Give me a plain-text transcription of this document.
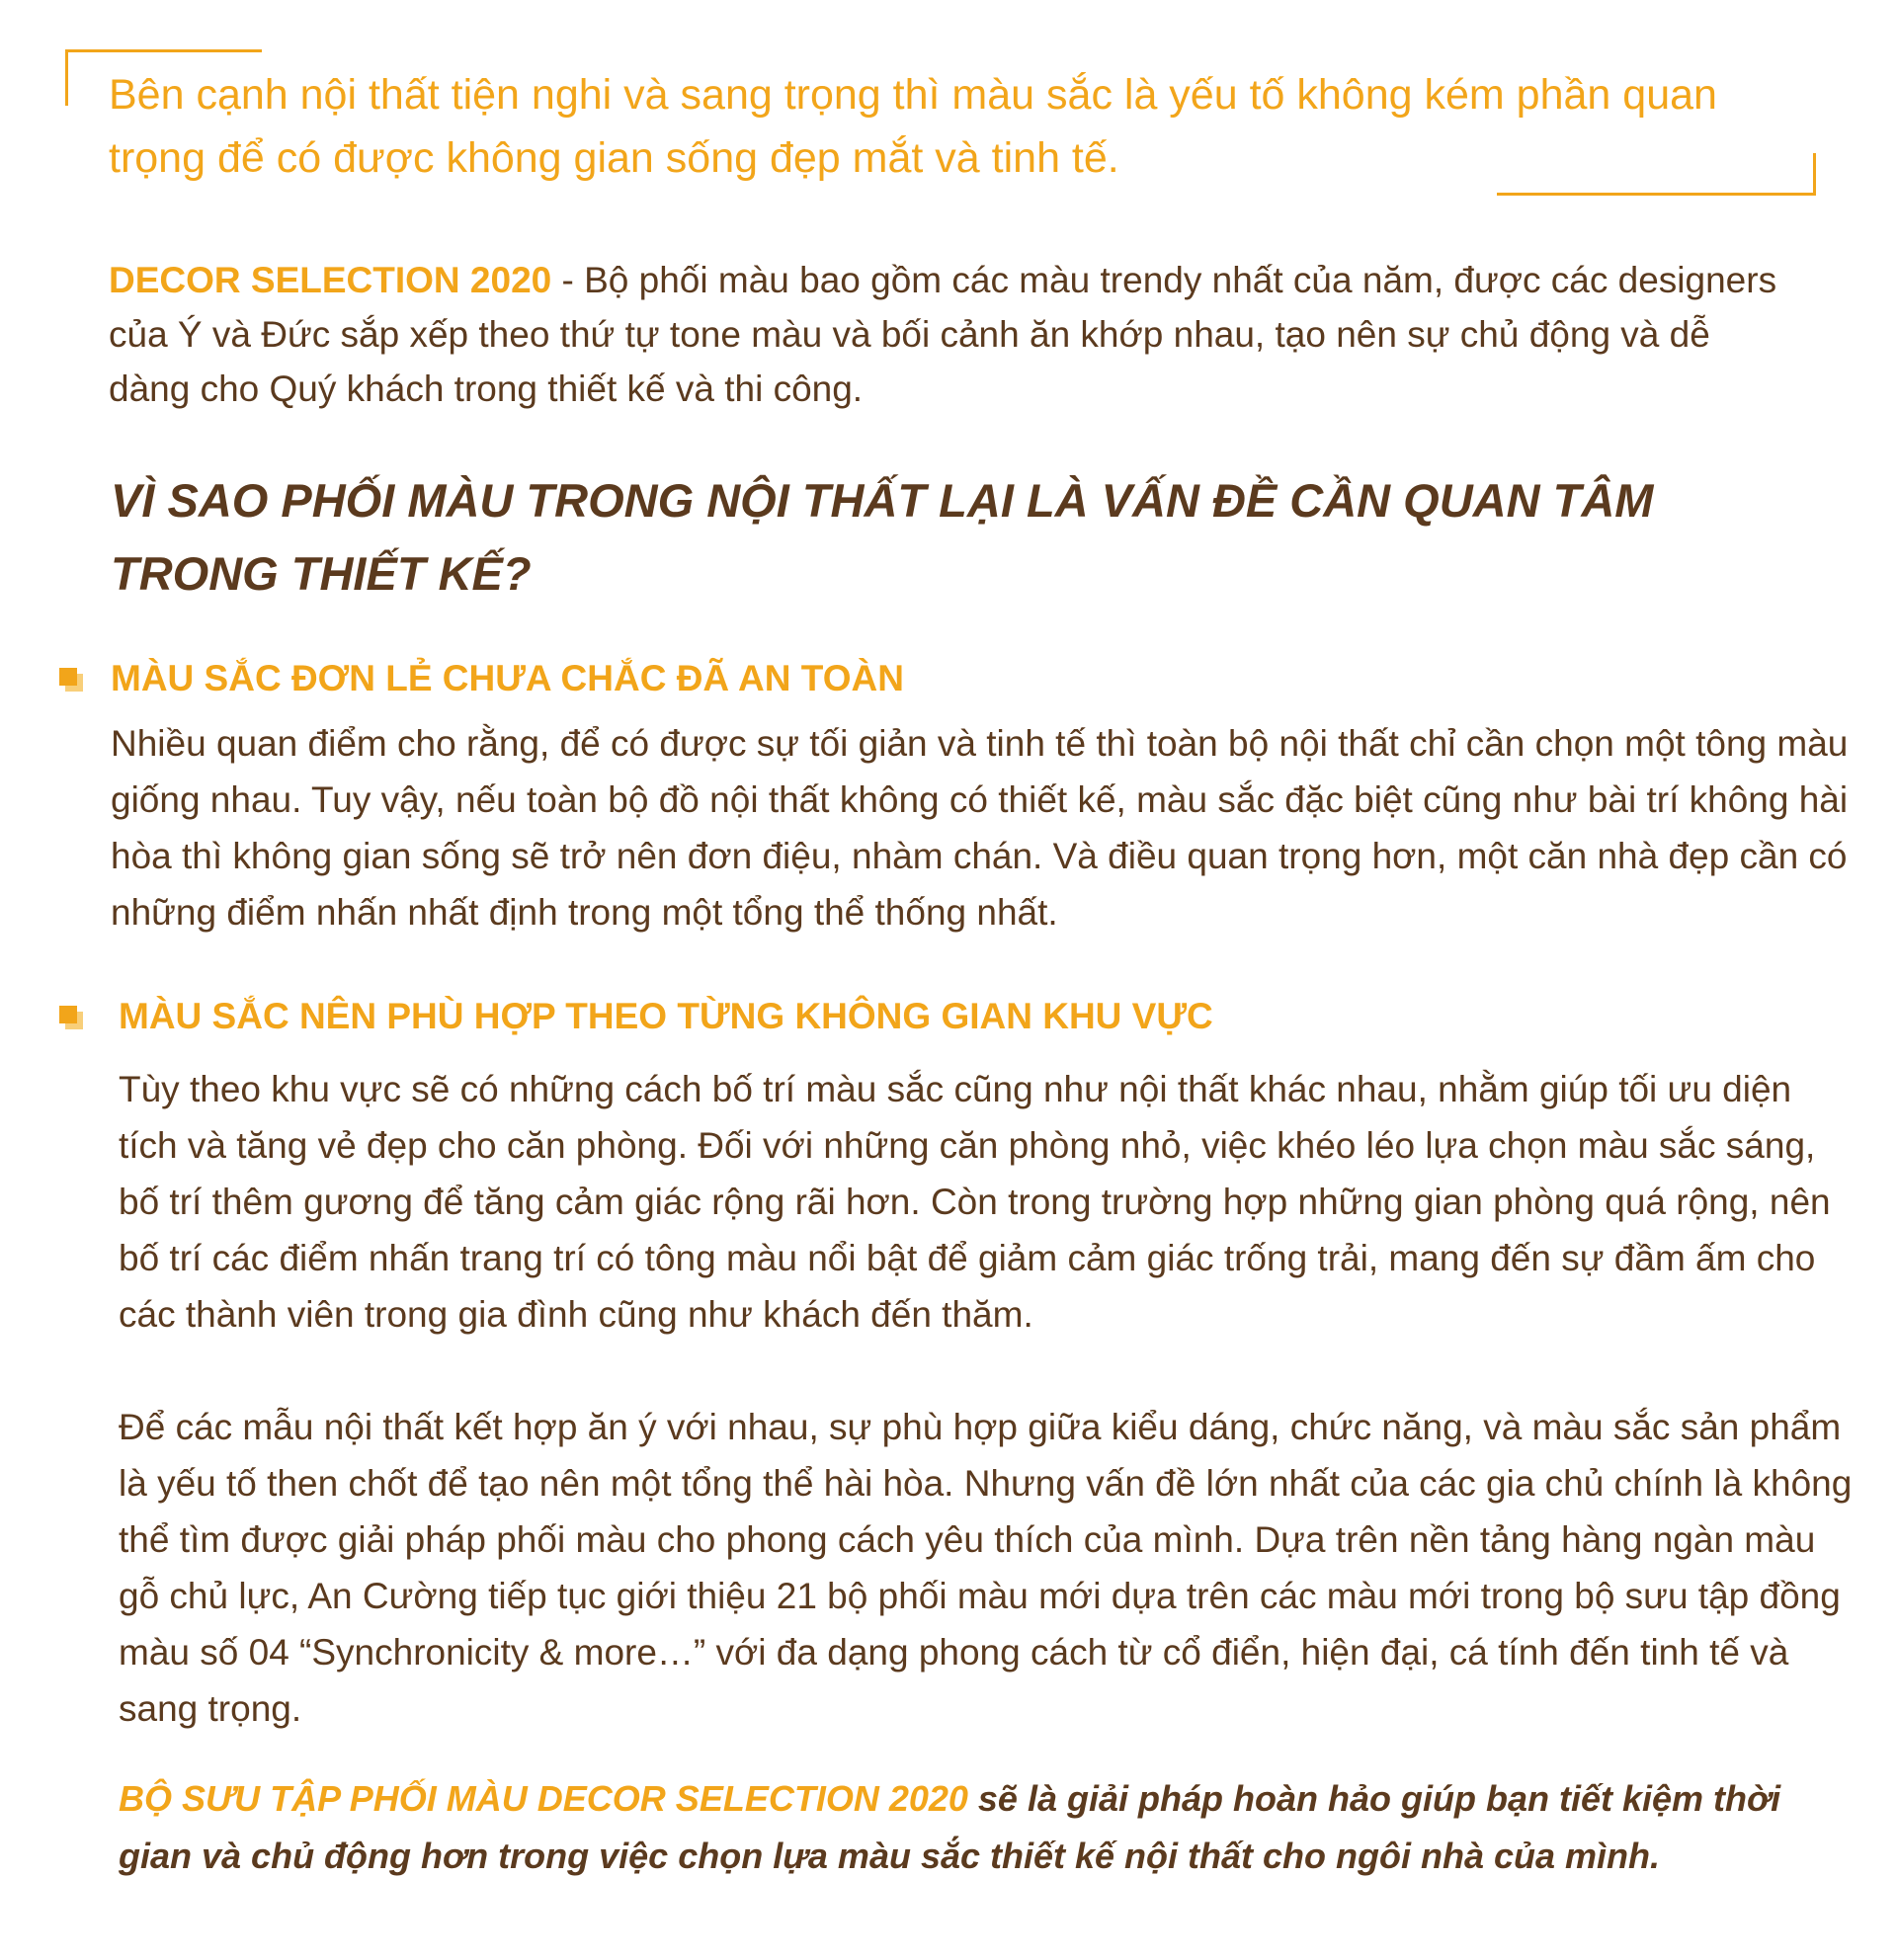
Bên cạnh nội thất tiện nghi và sang trọng thì màu sắc là yếu tố không kém phần quan trọng để có được không gian sống đẹp mắt và tinh tế.

DECOR SELECTION 2020 - Bộ phối màu bao gồm các màu trendy nhất của năm, được các designers của Ý và Đức sắp xếp theo thứ tự tone màu và bối cảnh ăn khớp nhau, tạo nên sự chủ động và dễ dàng cho Quý khách trong thiết kế và thi công.

VÌ SAO PHỐI MÀU TRONG NỘI THẤT LẠI LÀ VẤN ĐỀ CẦN QUAN TÂM TRONG THIẾT KẾ?
MÀU SẮC ĐƠN LẺ CHƯA CHẮC ĐÃ AN TOÀN

Nhiều quan điểm cho rằng, để có được sự tối giản và tinh tế thì toàn bộ nội thất chỉ cần chọn một tông màu giống nhau. Tuy vậy, nếu toàn bộ đồ nội thất không có thiết kế, màu sắc đặc biệt cũng như bài trí không hài hòa thì không gian sống sẽ trở nên đơn điệu, nhàm chán. Và điều quan trọng hơn, một căn nhà đẹp cần có những điểm nhấn nhất định trong một tổng thể thống nhất.

MÀU SẮC NÊN PHÙ HỢP THEO TỪNG KHÔNG GIAN KHU VỰC

Tùy theo khu vực sẽ có những cách bố trí màu sắc cũng như nội thất khác nhau, nhằm giúp tối ưu diện tích và tăng vẻ đẹp cho căn phòng. Đối với những căn phòng nhỏ, việc khéo léo lựa chọn màu sắc sáng, bố trí thêm gương để tăng cảm giác rộng rãi hơn. Còn trong trường hợp những gian phòng quá rộng, nên bố trí các điểm nhấn trang trí có tông màu nổi bật để giảm cảm giác trống trải, mang đến sự đầm ấm cho các thành viên trong gia đình cũng như khách đến thăm.

Để các mẫu nội thất kết hợp ăn ý với nhau, sự phù hợp giữa kiểu dáng, chức năng, và màu sắc sản phẩm là yếu tố then chốt để tạo nên một tổng thể hài hòa. Nhưng vấn đề lớn nhất của các gia chủ chính là không thể tìm được giải pháp phối màu cho phong cách yêu thích của mình. Dựa trên nền tảng hàng ngàn màu gỗ chủ lực, An Cường tiếp tục giới thiệu 21 bộ phối màu mới dựa trên các màu mới trong bộ sưu tập đồng màu số 04 “Synchronicity & more…” với đa dạng phong cách từ cổ điển, hiện đại, cá tính đến tinh tế và sang trọng.

BỘ SƯU TẬP PHỐI MÀU DECOR SELECTION 2020 sẽ là giải pháp hoàn hảo giúp bạn tiết kiệm thời gian và chủ động hơn trong việc chọn lựa màu sắc thiết kế nội thất cho ngôi nhà của mình.
